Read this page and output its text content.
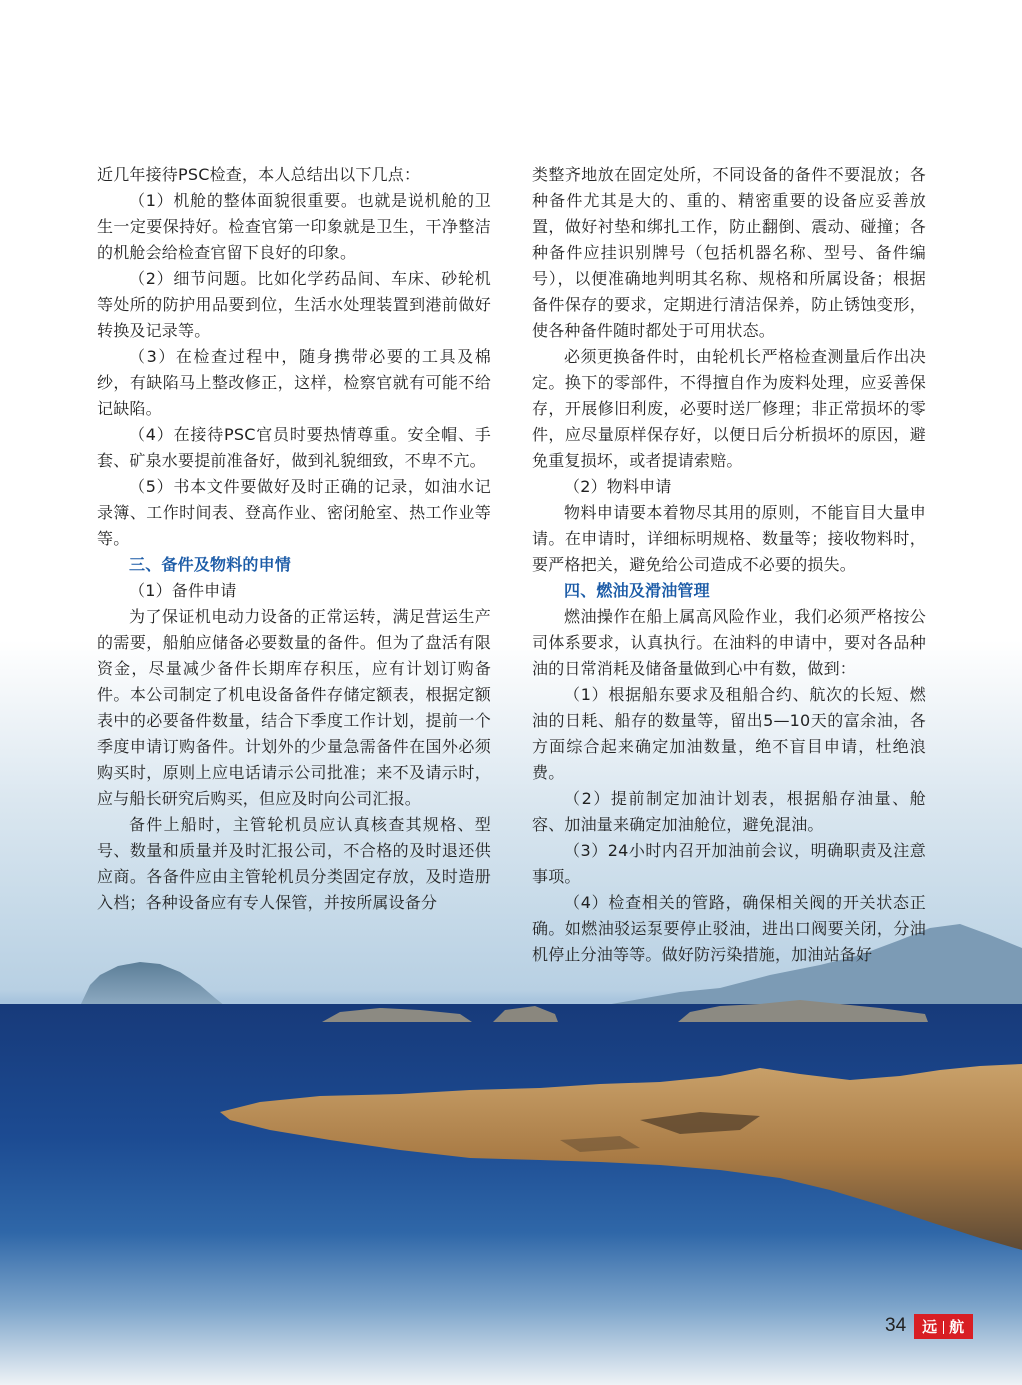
近几年接待PSC检查，本人总结出以下几点：

（1）机舱的整体面貌很重要。也就是说机舱的卫生一定要保持好。检查官第一印象就是卫生，干净整洁的机舱会给检查官留下良好的印象。

（2）细节问题。比如化学药品间、车床、砂轮机等处所的防护用品要到位，生活水处理装置到港前做好转换及记录等。

（3）在检查过程中，随身携带必要的工具及棉纱，有缺陷马上整改修正，这样，检察官就有可能不给记缺陷。

（4）在接待PSC官员时要热情尊重。安全帽、手套、矿泉水要提前准备好，做到礼貌细致，不卑不亢。

（5）书本文件要做好及时正确的记录，如油水记录簿、工作时间表、登高作业、密闭舱室、热工作业等等。

三、备件及物料的申情

（1）备件申请

为了保证机电动力设备的正常运转，满足营运生产的需要，船舶应储备必要数量的备件。但为了盘活有限资金，尽量减少备件长期库存积压，应有计划订购备件。本公司制定了机电设备备件存储定额表，根据定额表中的必要备件数量，结合下季度工作计划，提前一个季度申请订购备件。计划外的少量急需备件在国外必须购买时，原则上应电话请示公司批准；来不及请示时，应与船长研究后购买，但应及时向公司汇报。

备件上船时，主管轮机员应认真核查其规格、型号、数量和质量并及时汇报公司，不合格的及时退还供应商。各备件应由主管轮机员分类固定存放，及时造册入档；各种设备应有专人保管，并按所属设备分

类整齐地放在固定处所，不同设备的备件不要混放；各种备件尤其是大的、重的、精密重要的设备应妥善放置，做好衬垫和绑扎工作，防止翻倒、震动、碰撞；各种备件应挂识别牌号（包括机器名称、型号、备件编号），以便准确地判明其名称、规格和所属设备；根据备件保存的要求，定期进行清洁保养，防止锈蚀变形，使各种备件随时都处于可用状态。

必须更换备件时，由轮机长严格检查测量后作出决定。换下的零部件，不得擅自作为废料处理，应妥善保存，开展修旧利废，必要时送厂修理；非正常损坏的零件，应尽量原样保存好，以便日后分析损坏的原因，避免重复损坏，或者提请索赔。

（2）物料申请

物料申请要本着物尽其用的原则，不能盲目大量申请。在申请时，详细标明规格、数量等；接收物料时，要严格把关，避免给公司造成不必要的损失。

四、燃油及滑油管理

燃油操作在船上属高风险作业，我们必须严格按公司体系要求，认真执行。在油料的申请中，要对各品种油的日常消耗及储备量做到心中有数，做到：

（1）根据船东要求及租船合约、航次的长短、燃油的日耗、船存的数量等，留出5—10天的富余油，各方面综合起来确定加油数量，绝不盲目申请，杜绝浪费。

（2）提前制定加油计划表，根据船存油量、舱容、加油量来确定加油舱位，避免混油。

（3）24小时内召开加油前会议，明确职责及注意事项。

（4）检查相关的管路，确保相关阀的开关状态正确。如燃油驳运泵要停止驳油，进出口阀要关闭，分油机停止分油等等。做好防污染措施，加油站备好

34	远 航
